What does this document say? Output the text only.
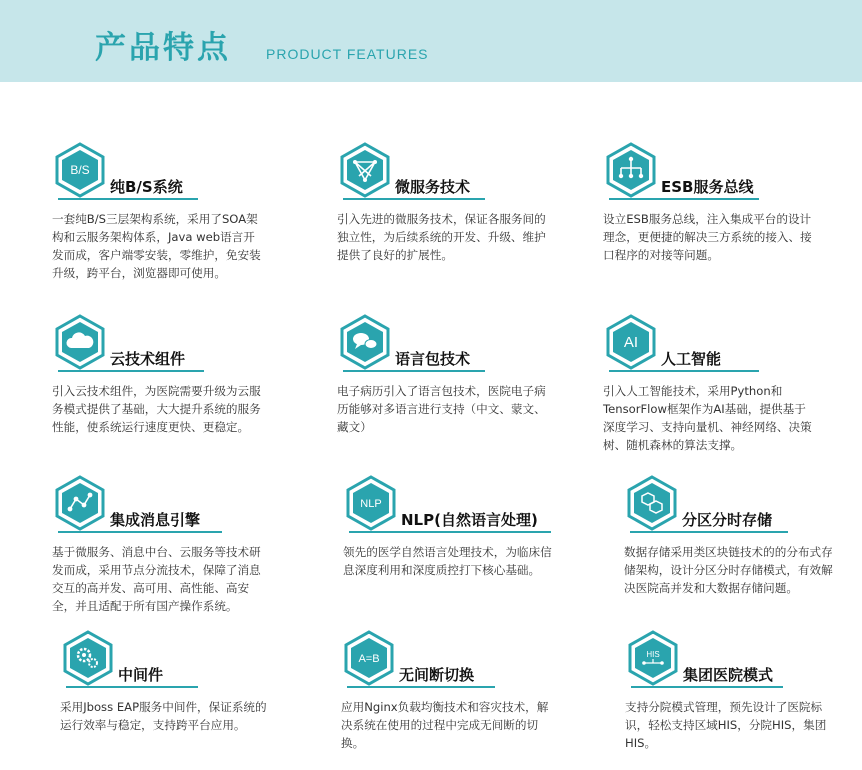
产品特点	PRODUCT FEATURES
B/S
纯B/S系统

一套纯B/S三层架构系统，采用了SOA架构和云服务架构体系，Java web语言开发而成，客户端零安装，零维护，免安装升级，跨平台，浏览器即可使用。

微服务技术

引入先进的微服务技术，保证各服务间的独立性，为后续系统的开发、升级、维护提供了良好的扩展性。

ESB服务总线

设立ESB服务总线，注入集成平台的设计理念，更便捷的解决三方系统的接入、接口程序的对接等问题。

云技术组件

引入云技术组件，为医院需要升级为云服务模式提供了基础，大大提升系统的服务性能，使系统运行速度更快、更稳定。

语言包技术

电子病历引入了语言包技术，医院电子病历能够对多语言进行支持（中文、蒙文、藏文）

AI
人工智能

引入人工智能技术，采用Python和TensorFlow框架作为AI基础，提供基于深度学习、支持向量机、神经网络、决策树、随机森林的算法支撑。

集成消息引擎

基于微服务、消息中台、云服务等技术研发而成，采用节点分流技术，保障了消息交互的高并发、高可用、高性能、高安全，并且适配于所有国产操作系统。

NLP
NLP(自然语言处理)

领先的医学自然语言处理技术，为临床信息深度利用和深度质控打下核心基础。

分区分时存储

数据存储采用类区块链技术的的分布式存储架构，设计分区分时存储模式，有效解决医院高并发和大数据存储问题。

中间件

采用Jboss EAP服务中间件，保证系统的运行效率与稳定，支持跨平台应用。

A=B
无间断切换

应用Nginx负载均衡技术和容灾技术，解决系统在使用的过程中完成无间断的切换。

HIS
集团医院模式

支持分院模式管理，预先设计了医院标识，轻松支持区域HIS，分院HIS，集团HIS。
